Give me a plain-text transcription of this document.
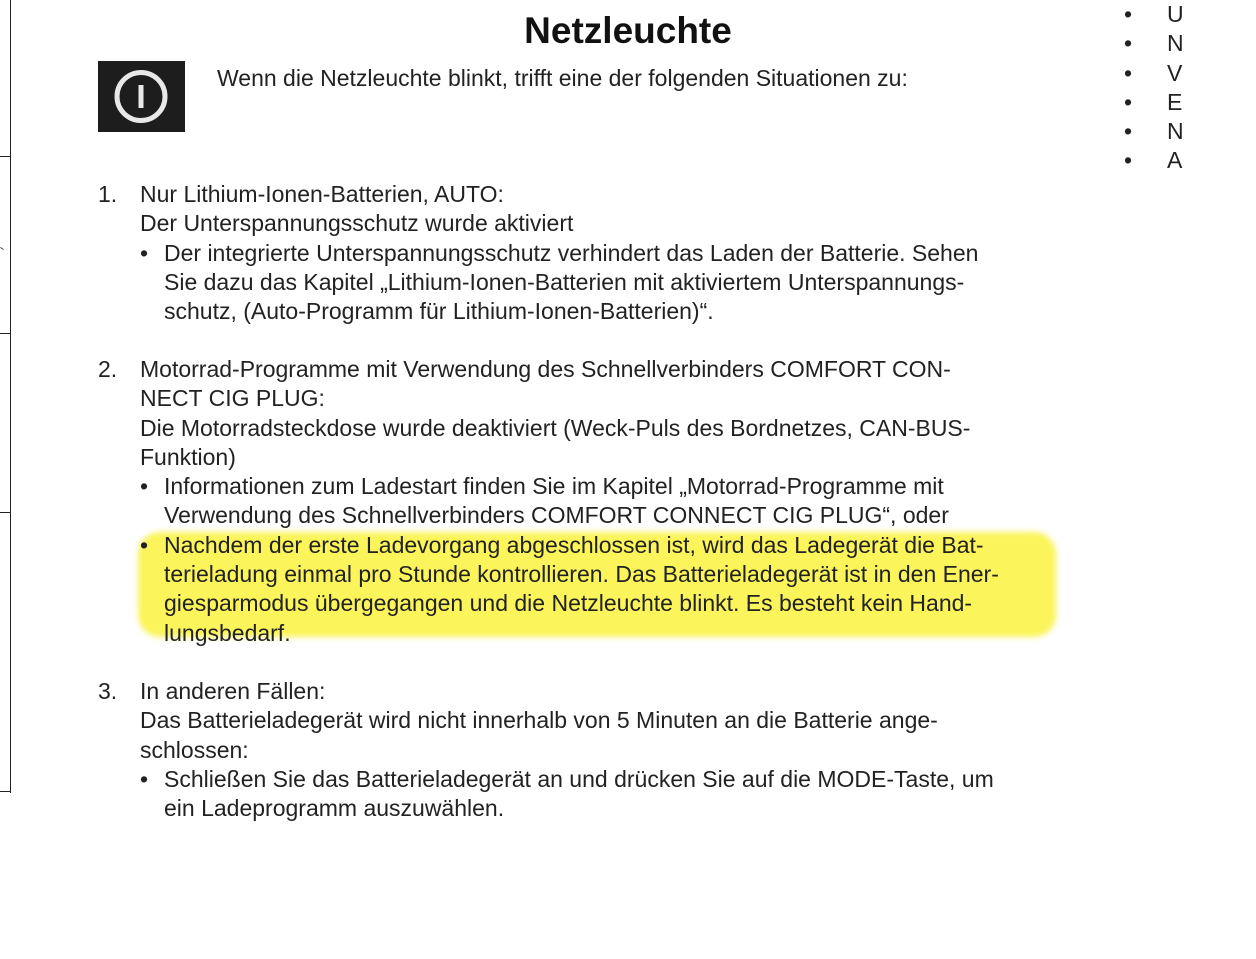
Netzleuchte
Wenn die Netzleuchte blinkt, trifft eine der folgenden Situationen zu:
1. Nur Lithium-Ionen-Batterien, AUTO:
Der Unterspannungsschutz wurde aktiviert
• Der integrierte Unterspannungsschutz verhindert das Laden der Batterie. Sehen
Sie dazu das Kapitel „Lithium-Ionen-Batterien mit aktiviertem Unterspannungs-
schutz, (Auto-Programm für Lithium-Ionen-Batterien)“.
2. Motorrad-Programme mit Verwendung des Schnellverbinders COMFORT CON-
NECT CIG PLUG:
Die Motorradsteckdose wurde deaktiviert (Weck-Puls des Bordnetzes, CAN-BUS-
Funktion)
• Informationen zum Ladestart finden Sie im Kapitel „Motorrad-Programme mit
Verwendung des Schnellverbinders COMFORT CONNECT CIG PLUG“, oder
• Nachdem der erste Ladevorgang abgeschlossen ist, wird das Ladegerät die Bat-
terieladung einmal pro Stunde kontrollieren. Das Batterieladegerät ist in den Ener-
giesparmodus übergegangen und die Netzleuchte blinkt. Es besteht kein Hand-
lungsbedarf.
3. In anderen Fällen:
Das Batterieladegerät wird nicht innerhalb von 5 Minuten an die Batterie ange-
schlossen:
• Schließen Sie das Batterieladegerät an und drücken Sie auf die MODE-Taste, um
ein Ladeprogramm auszuwählen.
• U
• N
• V
• E
• N
• A
